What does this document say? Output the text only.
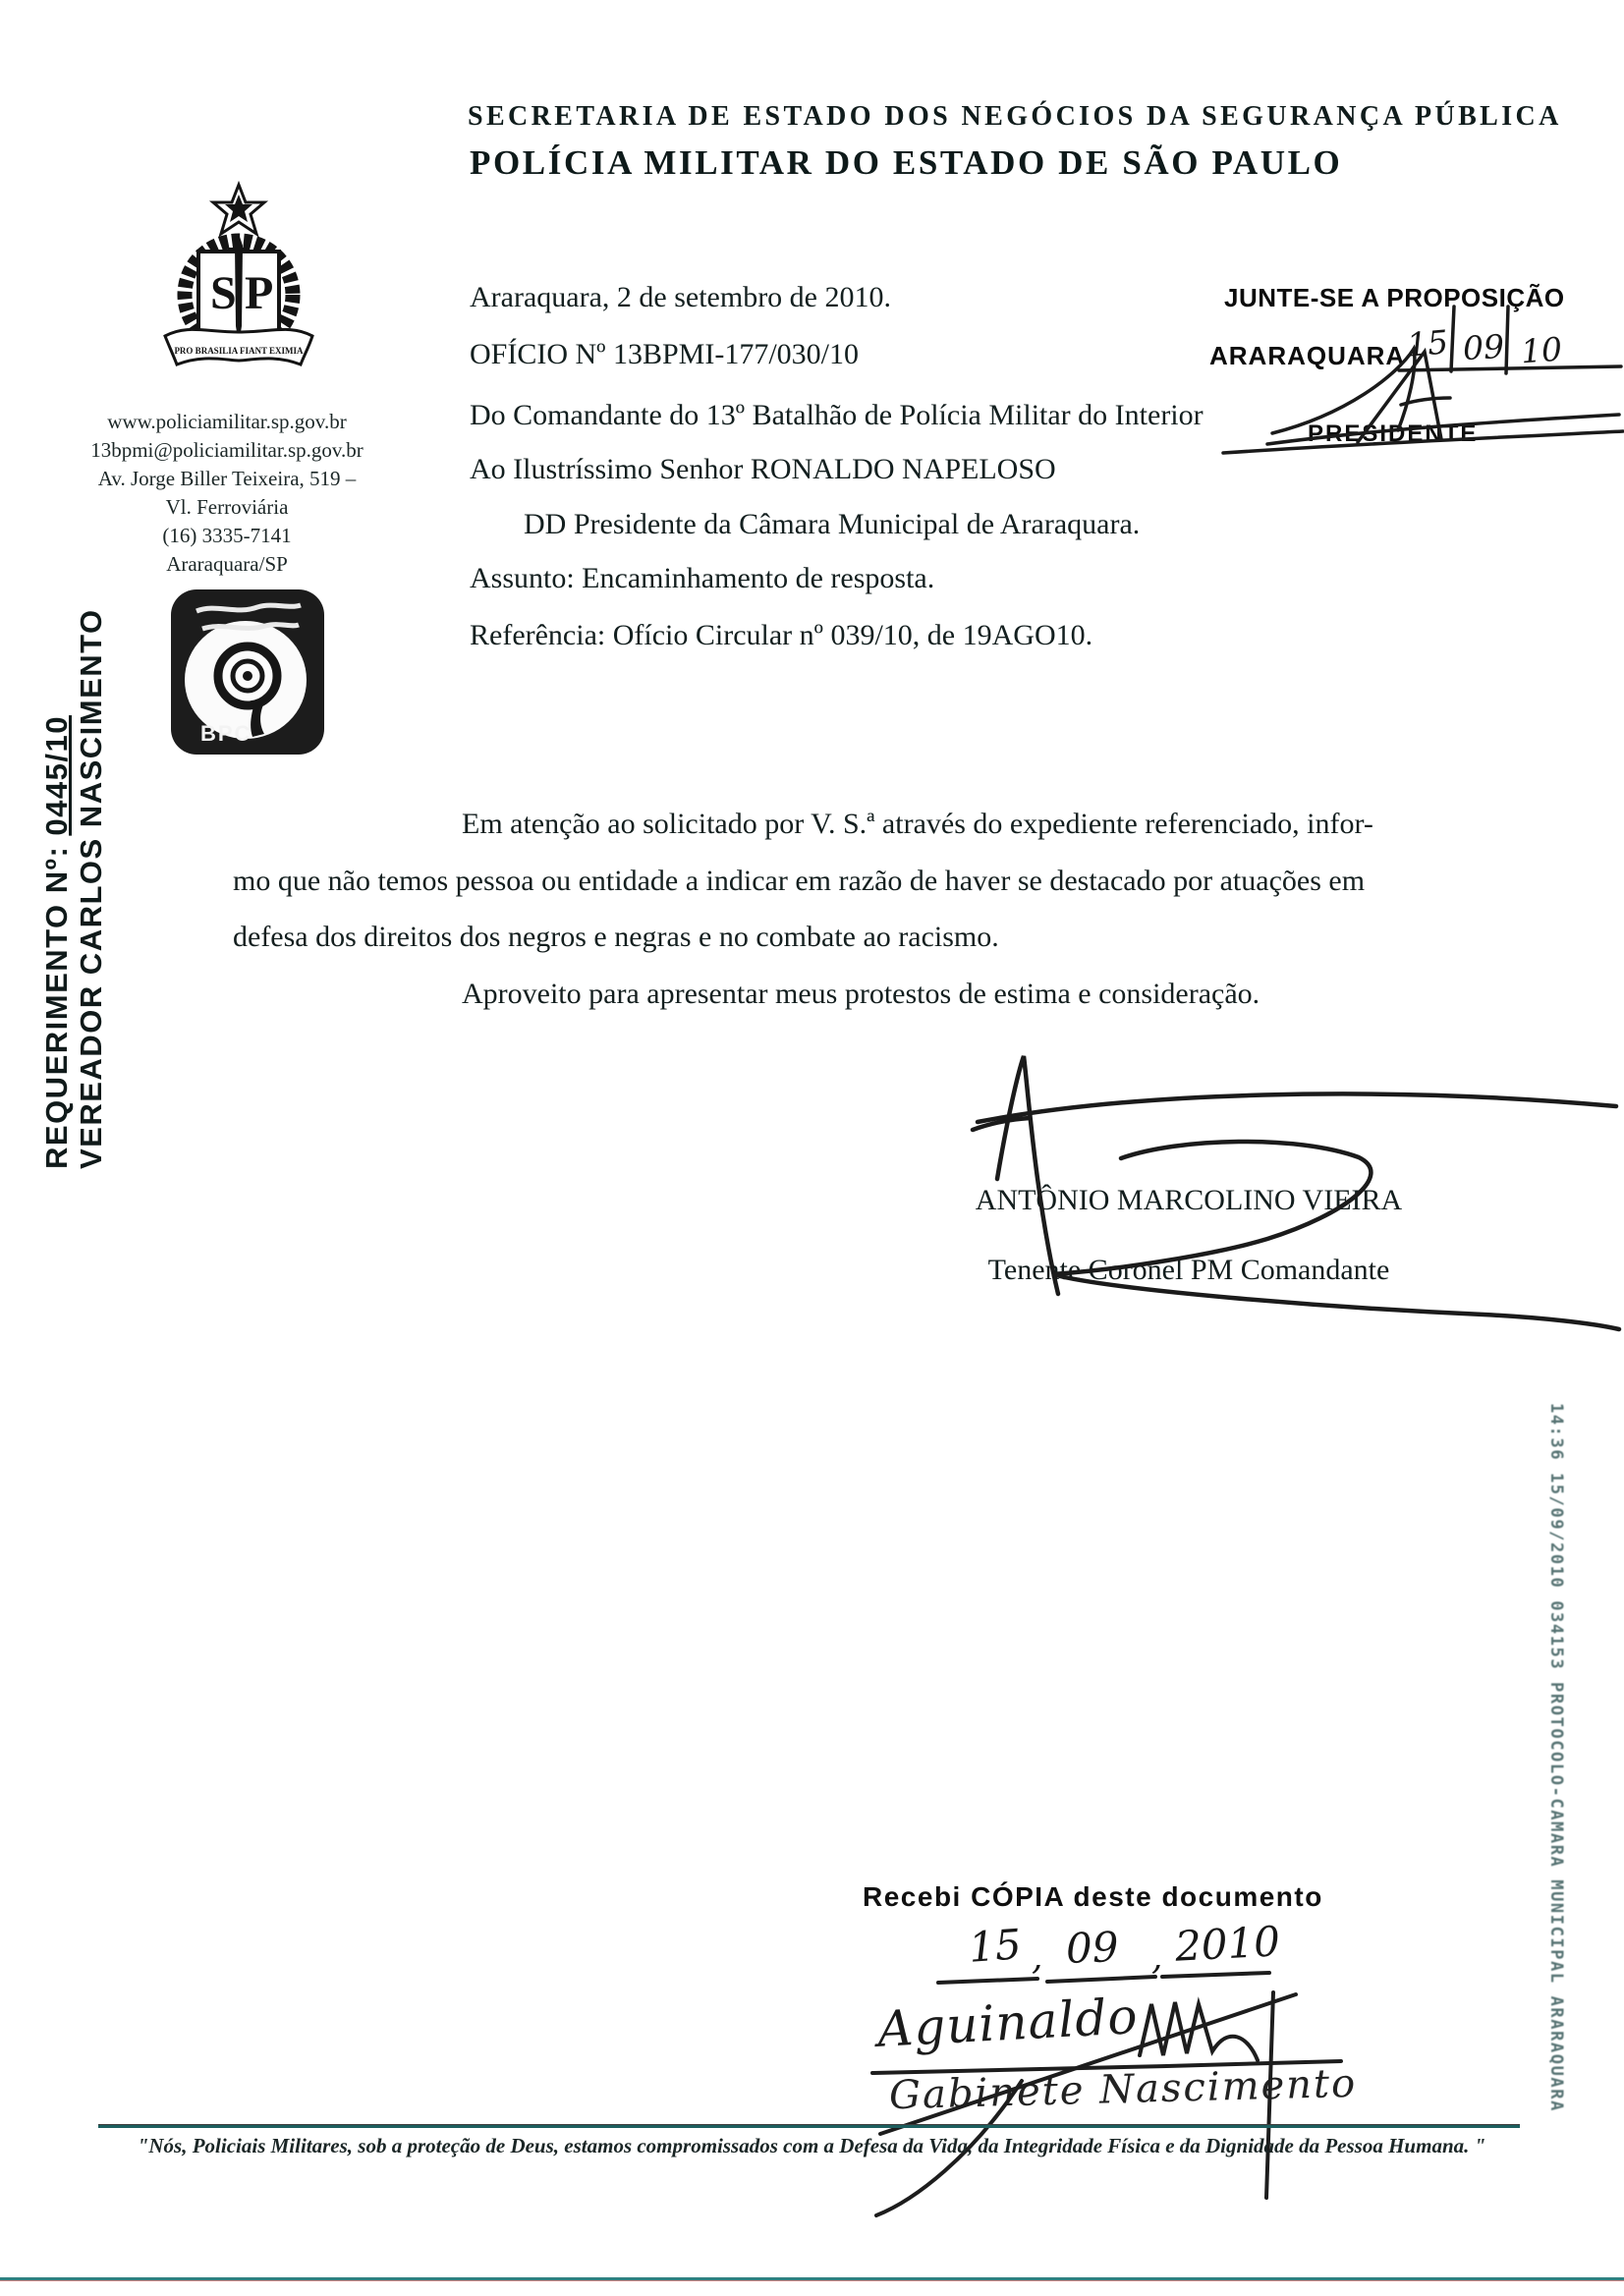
SECRETARIA DE ESTADO DOS NEGÓCIOS DA SEGURANÇA PÚBLICA
POLÍCIA MILITAR DO ESTADO DE SÃO PAULO
S P
PRO BRASILIA FIANT EXIMIA
www.policiamilitar.sp.gov.br
13bpmi@policiamilitar.sp.gov.br
Av. Jorge Biller Teixeira, 519 –
Vl. Ferroviária
(16) 3335-7141
Araraquara/SP
BPC
REQUERIMENTO Nº: 0445/10 VEREADOR CARLOS NASCIMENTO
Araraquara, 2 de setembro de 2010.
OFÍCIO Nº 13BPMI-177/030/10
Do Comandante do 13º Batalhão de Polícia Militar do Interior
Ao Ilustríssimo Senhor RONALDO NAPELOSO
DD Presidente da Câmara Municipal de Araraquara.
Assunto: Encaminhamento de resposta.
Referência: Ofício Circular nº 039/10, de 19AGO10.
Em atenção ao solicitado por V. S.ª através do expediente referenciado, infor-
mo que não temos pessoa ou entidade a indicar em razão de haver se destacado por atuações em
defesa dos direitos dos negros e negras e no combate ao racismo.
Aproveito para apresentar meus protestos de estima e consideração.
JUNTE-SE A PROPOSIÇÃO
ARARAQUARA 15 09 10
PRESIDENTE
ANTÔNIO MARCOLINO VIEIRA
Tenente Coronel PM Comandante
14:36 15/09/2010 034153 PROTOCOLO-CAMARA MUNICIPAL ARARAQUARA
Recebi CÓPIA deste documento
15 , 09 , 2010
Aguinaldo
Gabinete Nascimento
"Nós, Policiais Militares, sob a proteção de Deus, estamos compromissados com a Defesa da Vida, da Integridade Física e da Dignidade da Pessoa Humana. "
